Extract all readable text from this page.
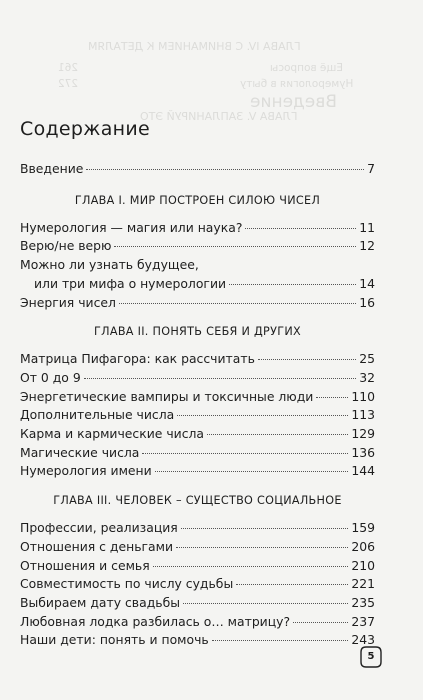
ГЛАВА IV. С ВНИМАНИЕМ К ДЕТАЛЯМ
Ещё вопросы
261
Нумерология в быту
272
Введение
ГЛАВА V. ЗАПЛАНИРУЙ ЭТО
Содержание
Введение	7
ГЛАВА I. МИР ПОСТРОЕН СИЛОЮ ЧИСЕЛ
Нумерология — магия или наука?	11
Верю/не верю	12
Можно ли узнать будущее,
или три мифа о нумерологии	14
Энергия чисел	16
ГЛАВА II. ПОНЯТЬ СЕБЯ И ДРУГИХ
Матрица Пифагора: как рассчитать	25
От 0 до 9	32
Энергетические вампиры и токсичные люди	110
Дополнительные числа	113
Карма и кармические числа	129
Магические числа	136
Нумерология имени	144
ГЛАВА III. ЧЕЛОВЕК – СУЩЕСТВО СОЦИАЛЬНОЕ
Профессии, реализация	159
Отношения с деньгами	206
Отношения и семья	210
Совместимость по числу судьбы	221
Выбираем дату свадьбы	235
Любовная лодка разбилась о… матрицу?	237
Наши дети: понять и помочь	243
5
